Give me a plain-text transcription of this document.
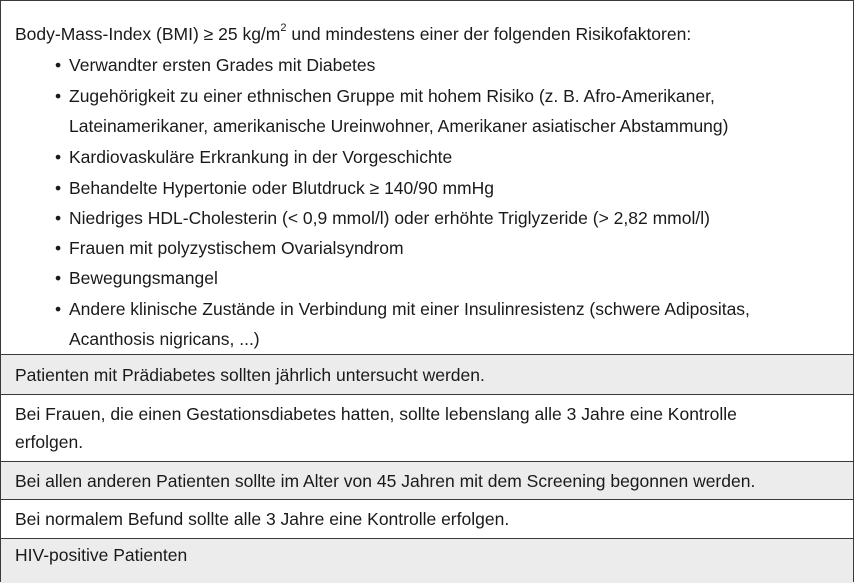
Body-Mass-Index (BMI) ≥ 25 $kg/m^2$ und mindestens einer der folgenden Risikofaktoren:
• Verwandter ersten Grades mit Diabetes
• Zugehörigkeit zu einer ethnischen Gruppe mit hohem Risiko (z. B. Afro-Amerikaner,
Lateinamerikaner, amerikanische Ureinwohner, Amerikaner asiatischer Abstammung)
• Kardiovaskuläre Erkrankung in der Vorgeschichte
• Behandelte Hypertonie oder Blutdruck ≥ 140/90 mmHg
• Niedriges HDL-Cholesterin (< 0,9 mmol/l) oder erhöhte Triglyzeride (> 2,82 mmol/l)
• Frauen mit polyzystischem Ovarialsyndrom
• Bewegungsmangel
• Andere klinische Zustände in Verbindung mit einer Insulinresistenz (schwere Adipositas,
Acanthosis nigricans, ...)
Patienten mit Prädiabetes sollten jährlich untersucht werden.
Bei Frauen, die einen Gestationsdiabetes hatten, sollte lebenslang alle 3 Jahre eine Kontrolle
erfolgen.
Bei allen anderen Patienten sollte im Alter von 45 Jahren mit dem Screening begonnen werden.
Bei normalem Befund sollte alle 3 Jahre eine Kontrolle erfolgen.
HIV-positive Patienten
